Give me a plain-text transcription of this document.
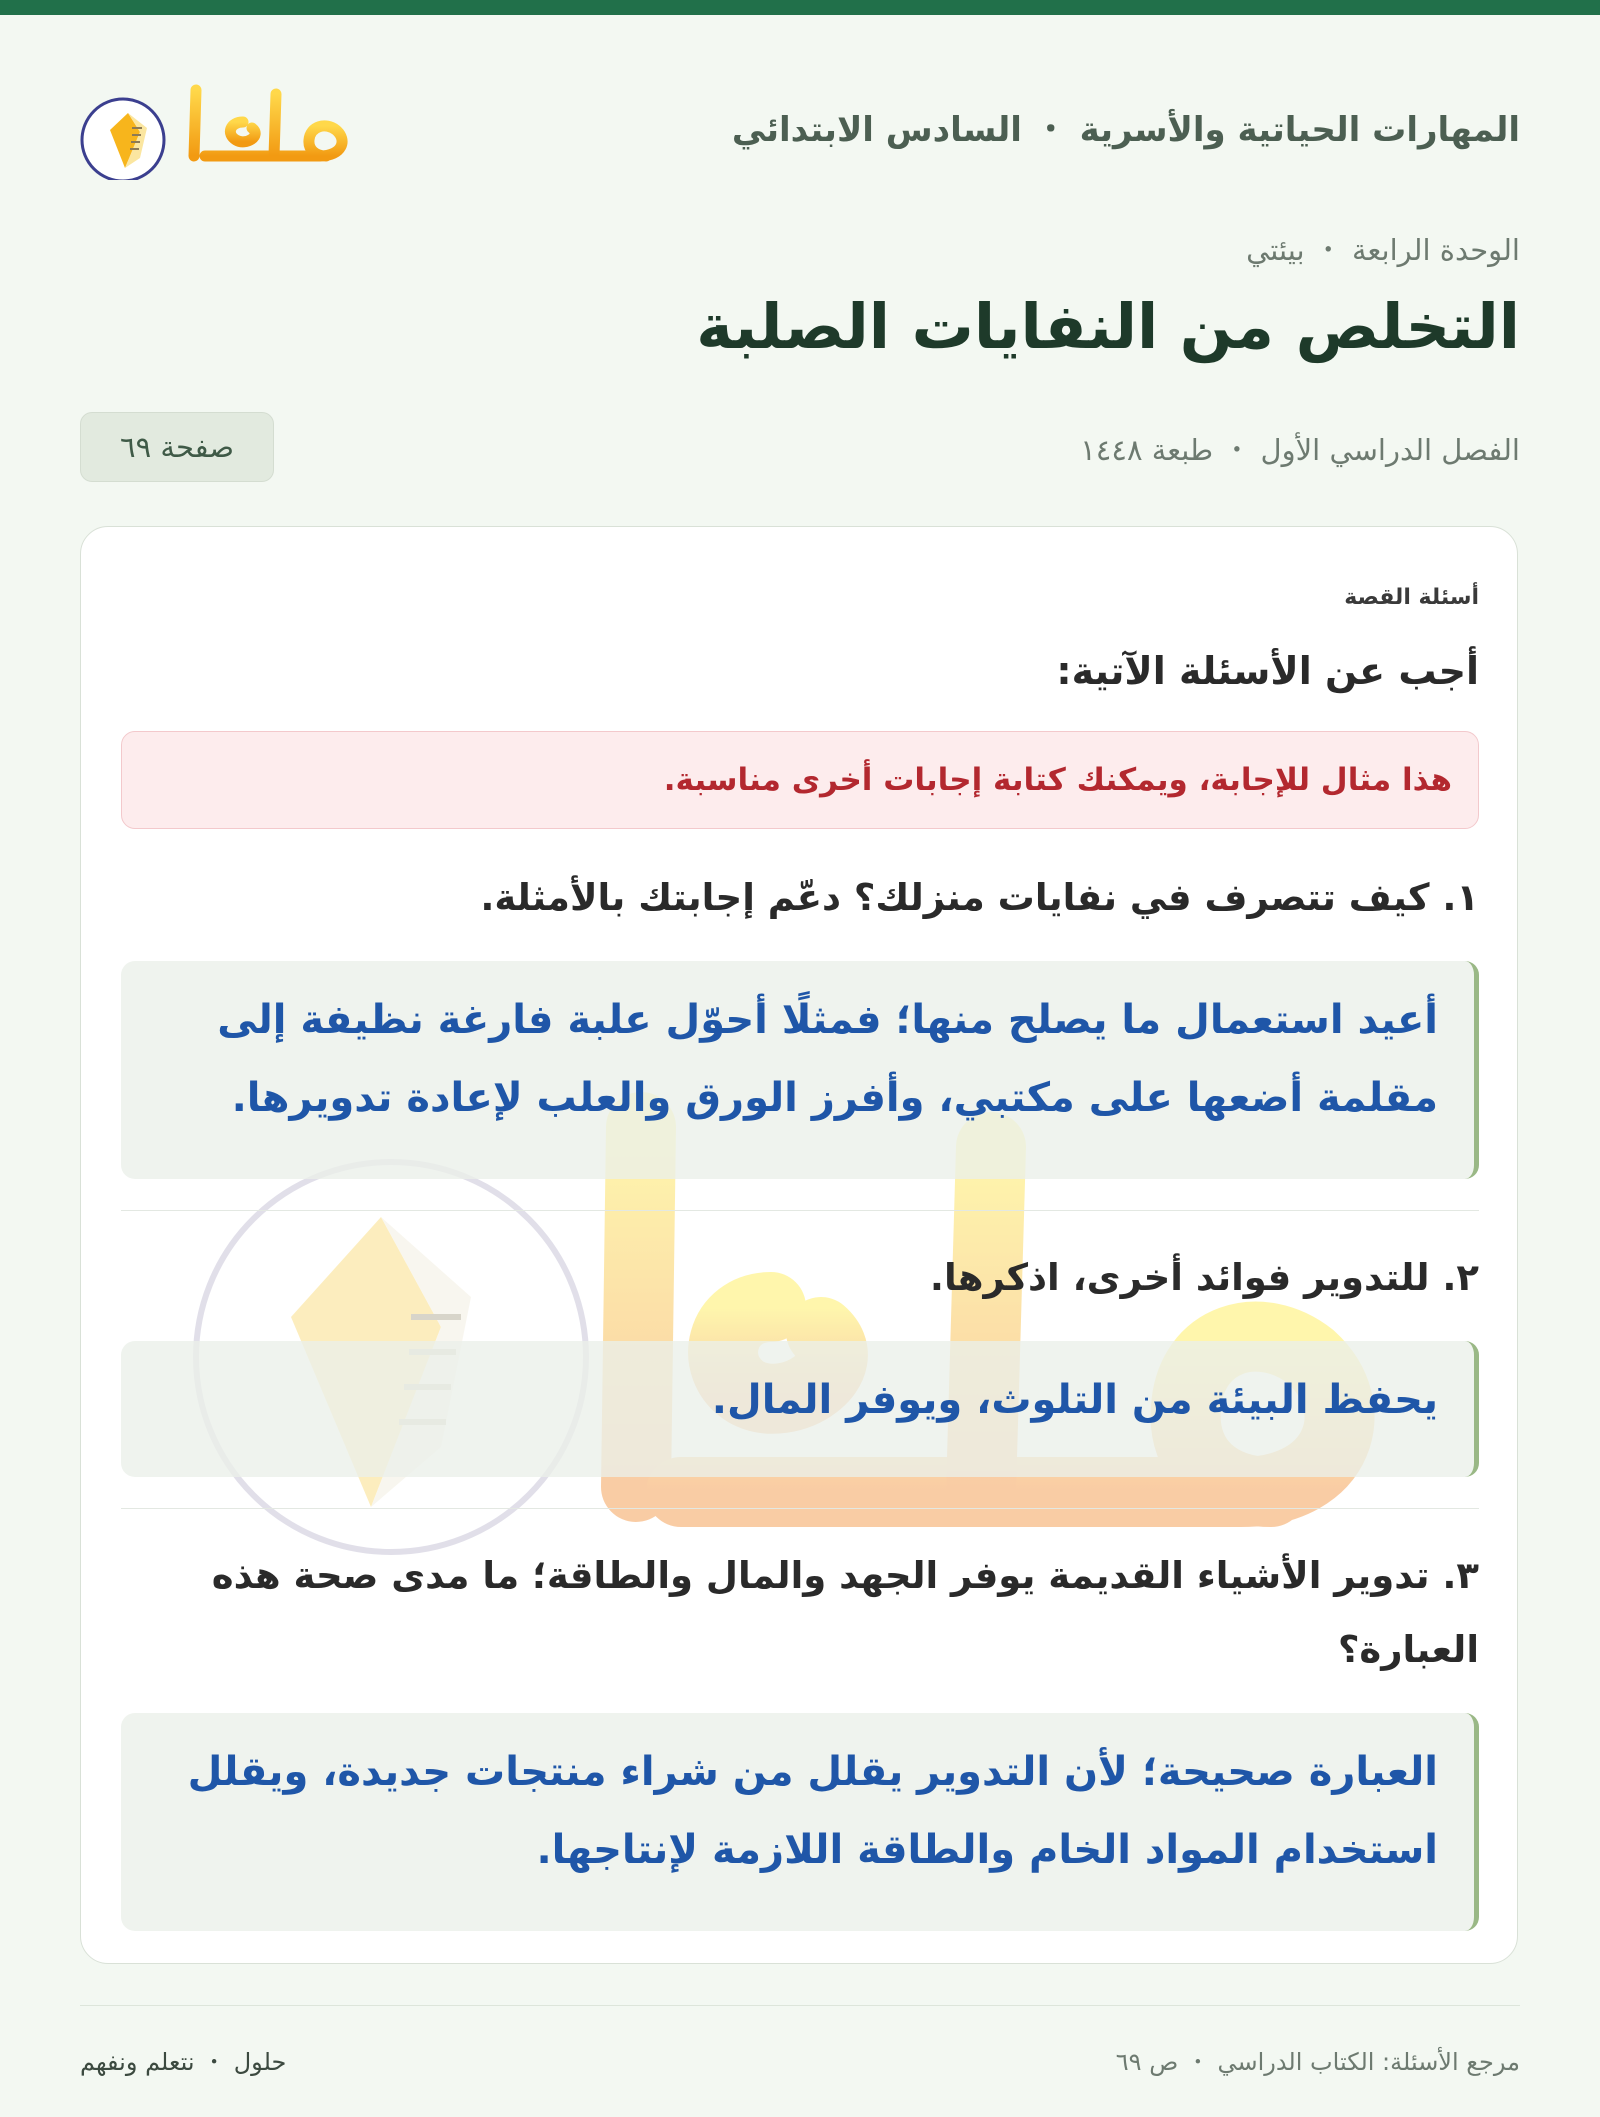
المهارات الحياتية والأسرية ・ السادس الابتدائي
حلول
الوحدة الرابعة ・ بيئتي
التخلص من النفايات الصلبة
الفصل الدراسي الأول ・ طبعة ١٤٤٨
صفحة ٦٩
أسئلة القصة
أجب عن الأسئلة الآتية:
هذا مثال للإجابة، ويمكنك كتابة إجابات أخرى مناسبة.
١. كيف تتصرف في نفايات منزلك؟ دعّم إجابتك بالأمثلة.
أعيد استعمال ما يصلح منها؛ فمثلًا أحوّل علبة فارغة نظيفة إلى مقلمة أضعها على مكتبي، وأفرز الورق والعلب لإعادة تدويرها.
٢. للتدوير فوائد أخرى، اذكرها.
يحفظ البيئة من التلوث، ويوفر المال.
٣. تدوير الأشياء القديمة يوفر الجهد والمال والطاقة؛ ما مدى صحة هذه العبارة؟
العبارة صحيحة؛ لأن التدوير يقلل من شراء منتجات جديدة، ويقلل استخدام المواد الخام والطاقة اللازمة لإنتاجها.
مرجع الأسئلة: الكتاب الدراسي ・ ص ٦٩
حلول ・ نتعلم ونفهم
